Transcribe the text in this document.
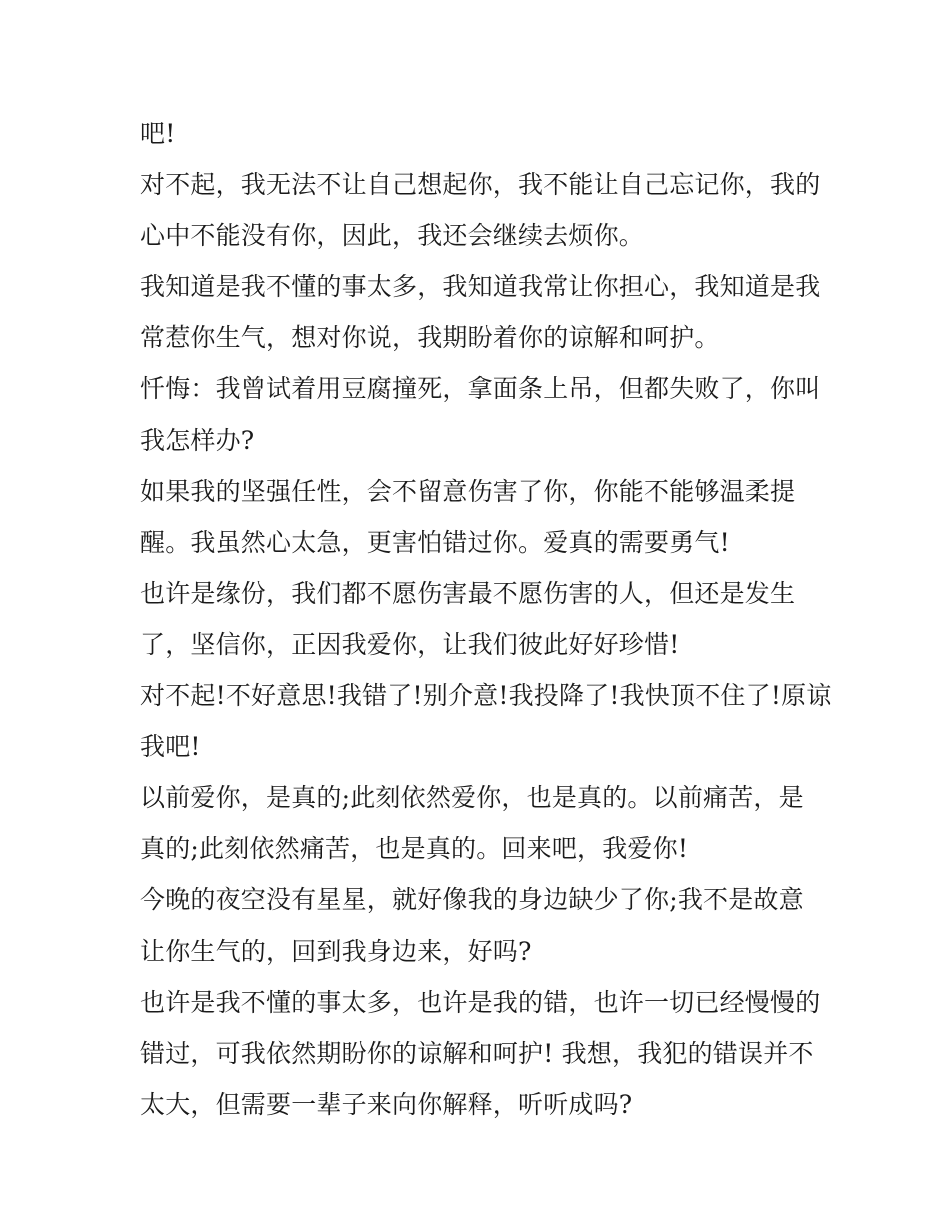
吧!
对不起，我无法不让自己想起你，我不能让自己忘记你，我的
心中不能没有你，因此，我还会继续去烦你。
我知道是我不懂的事太多，我知道我常让你担心，我知道是我
常惹你生气，想对你说，我期盼着你的谅解和呵护。
忏悔：我曾试着用豆腐撞死，拿面条上吊，但都失败了，你叫
我怎样办?
如果我的坚强任性，会不留意伤害了你，你能不能够温柔提
醒。我虽然心太急，更害怕错过你。爱真的需要勇气!
也许是缘份，我们都不愿伤害最不愿伤害的人，但还是发生
了，坚信你，正因我爱你，让我们彼此好好珍惜!
对不起!不好意思!我错了!别介意!我投降了!我快顶不住了!原谅
我吧!
以前爱你，是真的;此刻依然爱你，也是真的。以前痛苦，是
真的;此刻依然痛苦，也是真的。回来吧，我爱你!
今晚的夜空没有星星，就好像我的身边缺少了你;我不是故意
让你生气的，回到我身边来，好吗?
也许是我不懂的事太多，也许是我的错，也许一切已经慢慢的
错过，可我依然期盼你的谅解和呵护! 我想，我犯的错误并不
太大，但需要一辈子来向你解释，听听成吗?
